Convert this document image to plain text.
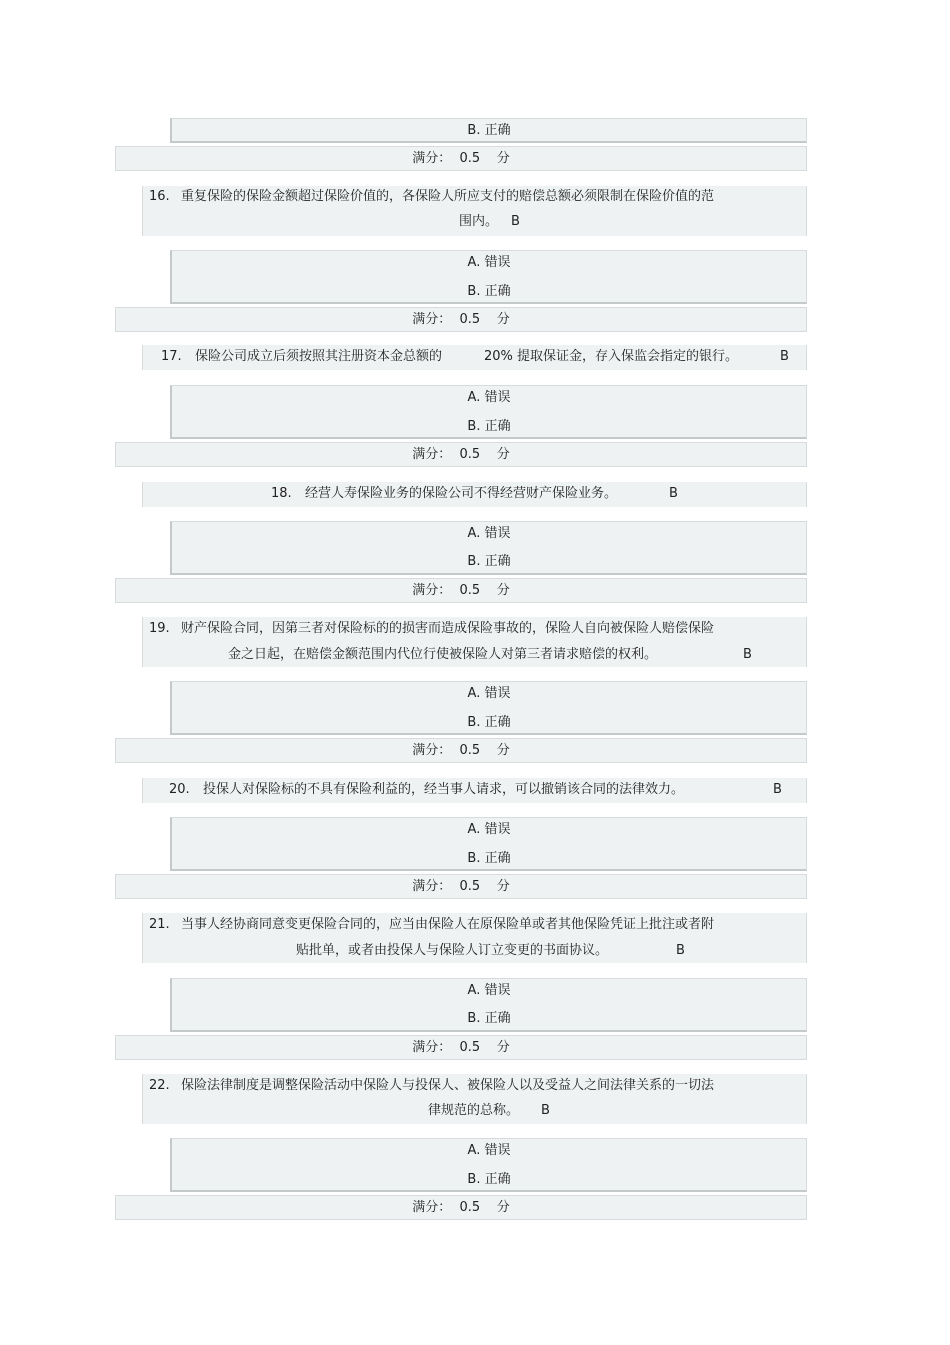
B. 正确
满分： 0.5 分
16. 重复保险的保险金额超过保险价值的，各保险人所应支付的赔偿总额必须限制在保险价值的范
围内。 B
A. 错误
B. 正确
满分： 0.5 分
17. 保险公司成立后须按照其注册资本金总额的	20% 提取保证金，存入保监会指定的银行。	B
A. 错误
B. 正确
满分： 0.5 分
18. 经营人寿保险业务的保险公司不得经营财产保险业务。	B
A. 错误
B. 正确
满分： 0.5 分
19. 财产保险合同，因第三者对保险标的的损害而造成保险事故的，保险人自向被保险人赔偿保险
金之日起，在赔偿金额范围内代位行使被保险人对第三者请求赔偿的权利。	B
A. 错误
B. 正确
满分： 0.5 分
20. 投保人对保险标的不具有保险利益的，经当事人请求，可以撤销该合同的法律效力。	B
A. 错误
B. 正确
满分： 0.5 分
21. 当事人经协商同意变更保险合同的，应当由保险人在原保险单或者其他保险凭证上批注或者附
贴批单，或者由投保人与保险人订立变更的书面协议。	B
A. 错误
B. 正确
满分： 0.5 分
22. 保险法律制度是调整保险活动中保险人与投保人、被保险人以及受益人之间法律关系的一切法
律规范的总称。 B
A. 错误
B. 正确
满分： 0.5 分
